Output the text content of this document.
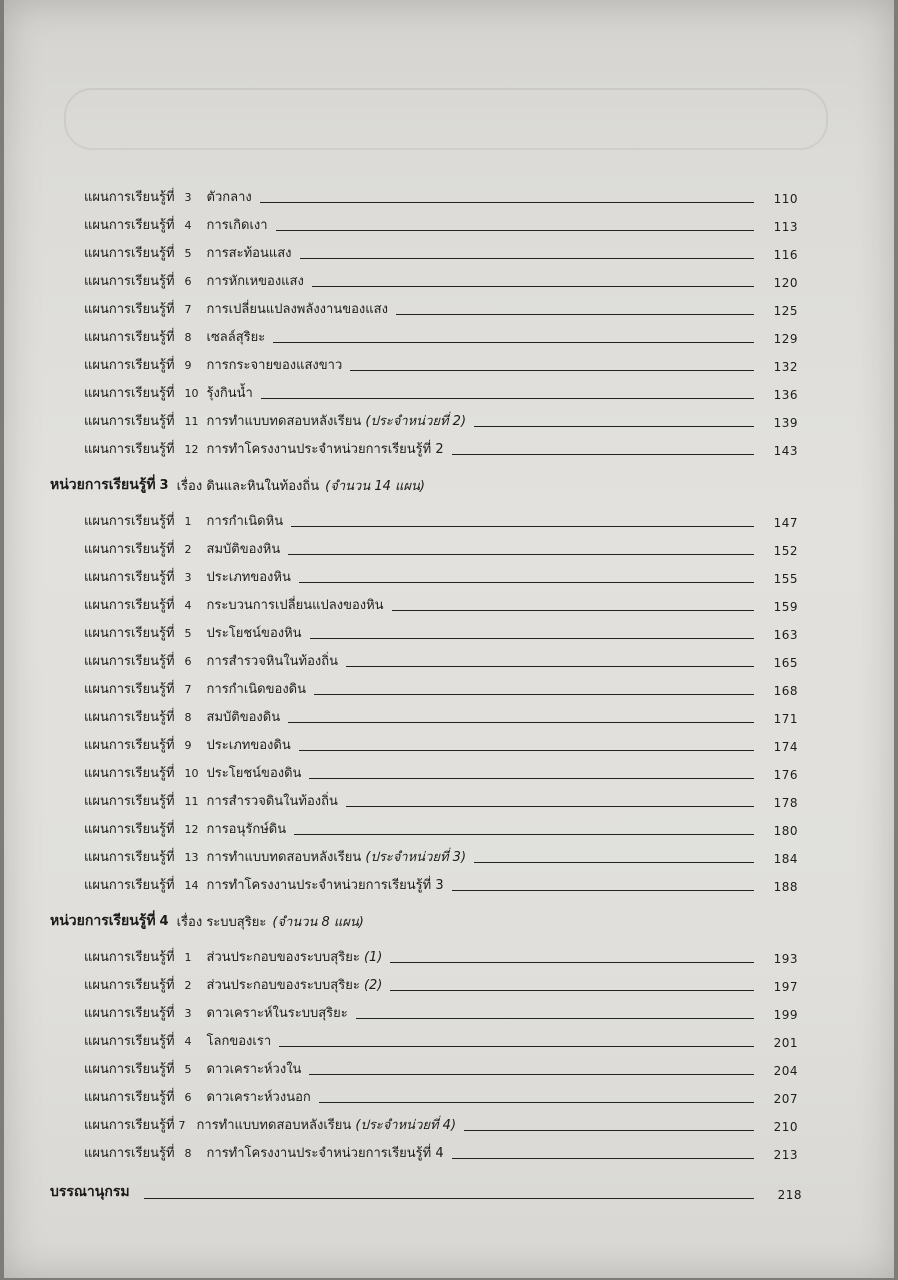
แผนการเรียนรู้ที่ 3 ตัวกลาง	110
แผนการเรียนรู้ที่ 4 การเกิดเงา	113
แผนการเรียนรู้ที่ 5 การสะท้อนแสง	116
แผนการเรียนรู้ที่ 6 การหักเหของแสง	120
แผนการเรียนรู้ที่ 7 การเปลี่ยนแปลงพลังงานของแสง	125
แผนการเรียนรู้ที่ 8 เซลล์สุริยะ	129
แผนการเรียนรู้ที่ 9 การกระจายของแสงขาว	132
แผนการเรียนรู้ที่ 10 รุ้งกินน้ำ	136
แผนการเรียนรู้ที่ 11 การทำแบบทดสอบหลังเรียน (ประจำหน่วยที่ 2)	139
แผนการเรียนรู้ที่ 12 การทำโครงงานประจำหน่วยการเรียนรู้ที่ 2	143
หน่วยการเรียนรู้ที่ 3 เรื่อง
ดินและหินในท้องถิ่น (จำนวน 14 แผน)
แผนการเรียนรู้ที่ 1 การกำเนิดหิน	147
แผนการเรียนรู้ที่ 2 สมบัติของหิน	152
แผนการเรียนรู้ที่ 3 ประเภทของหิน	155
แผนการเรียนรู้ที่ 4 กระบวนการเปลี่ยนแปลงของหิน	159
แผนการเรียนรู้ที่ 5 ประโยชน์ของหิน	163
แผนการเรียนรู้ที่ 6 การสำรวจหินในท้องถิ่น	165
แผนการเรียนรู้ที่ 7 การกำเนิดของดิน	168
แผนการเรียนรู้ที่ 8 สมบัติของดิน	171
แผนการเรียนรู้ที่ 9 ประเภทของดิน	174
แผนการเรียนรู้ที่ 10 ประโยชน์ของดิน	176
แผนการเรียนรู้ที่ 11 การสำรวจดินในท้องถิ่น	178
แผนการเรียนรู้ที่ 12 การอนุรักษ์ดิน	180
แผนการเรียนรู้ที่ 13 การทำแบบทดสอบหลังเรียน (ประจำหน่วยที่ 3)	184
แผนการเรียนรู้ที่ 14 การทำโครงงานประจำหน่วยการเรียนรู้ที่ 3	188
หน่วยการเรียนรู้ที่ 4 เรื่อง
ระบบสุริยะ (จำนวน 8 แผน)
แผนการเรียนรู้ที่ 1 ส่วนประกอบของระบบสุริยะ (1)	193
แผนการเรียนรู้ที่ 2 ส่วนประกอบของระบบสุริยะ (2)	197
แผนการเรียนรู้ที่ 3 ดาวเคราะห์ในระบบสุริยะ	199
แผนการเรียนรู้ที่ 4 โลกของเรา	201
แผนการเรียนรู้ที่ 5 ดาวเคราะห์วงใน	204
แผนการเรียนรู้ที่ 6 ดาวเคราะห์วงนอก	207
แผนการเรียนรู้ที่ 7 การทำแบบทดสอบหลังเรียน (ประจำหน่วยที่ 4)	210
แผนการเรียนรู้ที่ 8 การทำโครงงานประจำหน่วยการเรียนรู้ที่ 4	213
บรรณานุกรม	218
